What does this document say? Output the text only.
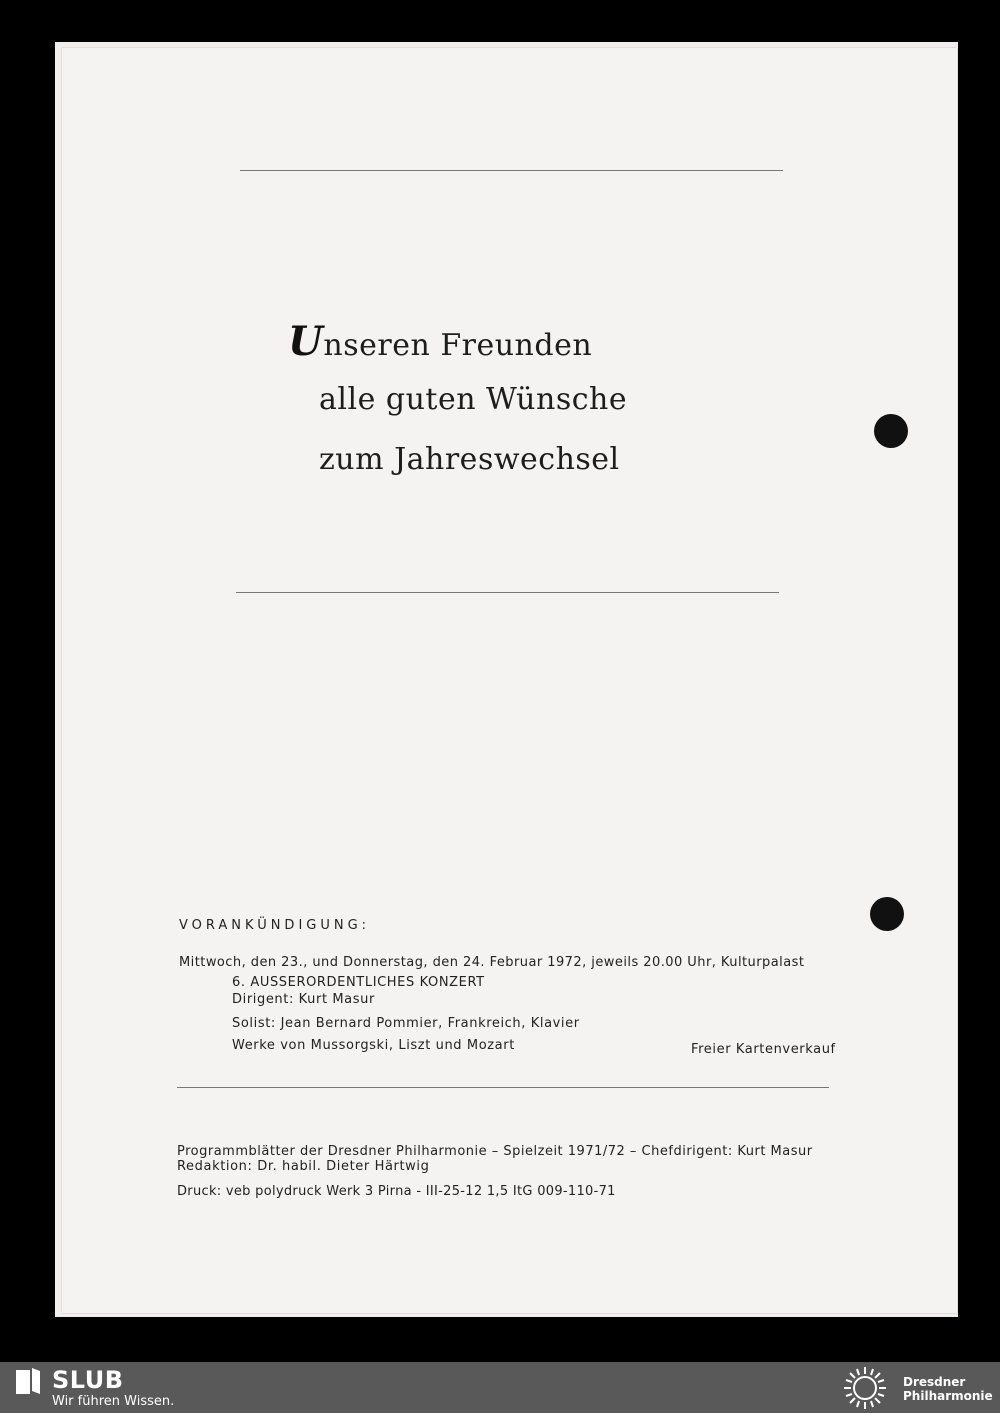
Unseren Freunden
alle guten Wünsche
zum Jahreswechsel
VORANKÜNDIGUNG:
Mittwoch, den 23., und Donnerstag, den 24. Februar 1972, jeweils 20.00 Uhr, Kulturpalast
6. AUSSERORDENTLICHES KONZERT
Dirigent: Kurt Masur
Solist: Jean Bernard Pommier, Frankreich, Klavier
Werke von Mussorgski, Liszt und Mozart	Freier Kartenverkauf
Programmblätter der Dresdner Philharmonie – Spielzeit 1971/72 – Chefdirigent: Kurt Masur
Redaktion: Dr. habil. Dieter Härtwig
Druck: veb polydruck Werk 3 Pirna - III-25-12 1,5 ItG 009-110-71
SLUB
Wir führen Wissen.
Dresdner
Philharmonie
